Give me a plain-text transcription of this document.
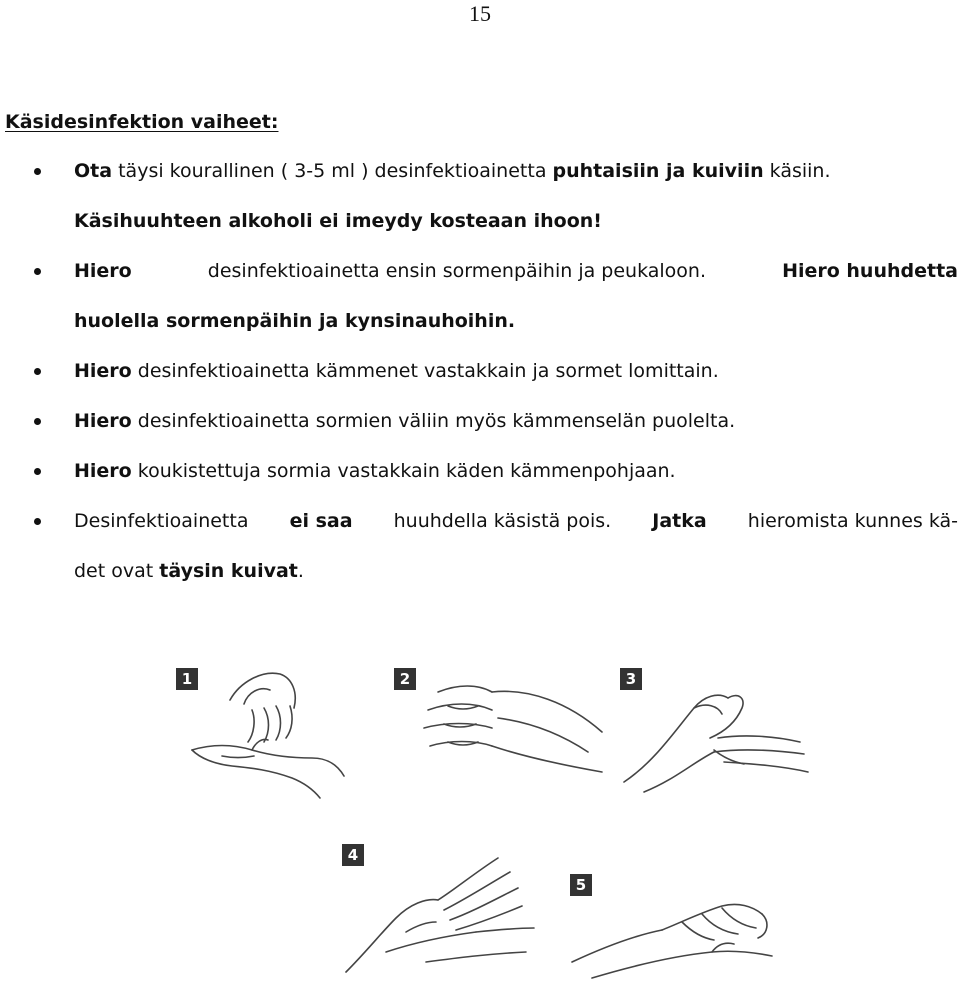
15
Käsidesinfektion vaiheet:
Ota täysi kourallinen ( 3-5 ml ) desinfektioainetta puhtaisiin ja kuiviin käsiin.
Käsihuuhteen alkoholi ei imeydy kosteaan ihoon!
Hiero	desinfektioainetta ensin sormenpäihin ja peukaloon.	Hiero huuhdetta
huolella sormenpäihin ja kynsinauhoihin.
Hiero desinfektioainetta kämmenet vastakkain ja sormet lomittain.
Hiero desinfektioainetta sormien väliin myös kämmenselän puolelta.
Hiero koukistettuja sormia vastakkain käden kämmenpohjaan.
Desinfektioainetta ei saa huuhdella käsistä pois. Jatka hieromista kunnes kä-
det ovat täysin kuivat.
1	2	3
4
5
